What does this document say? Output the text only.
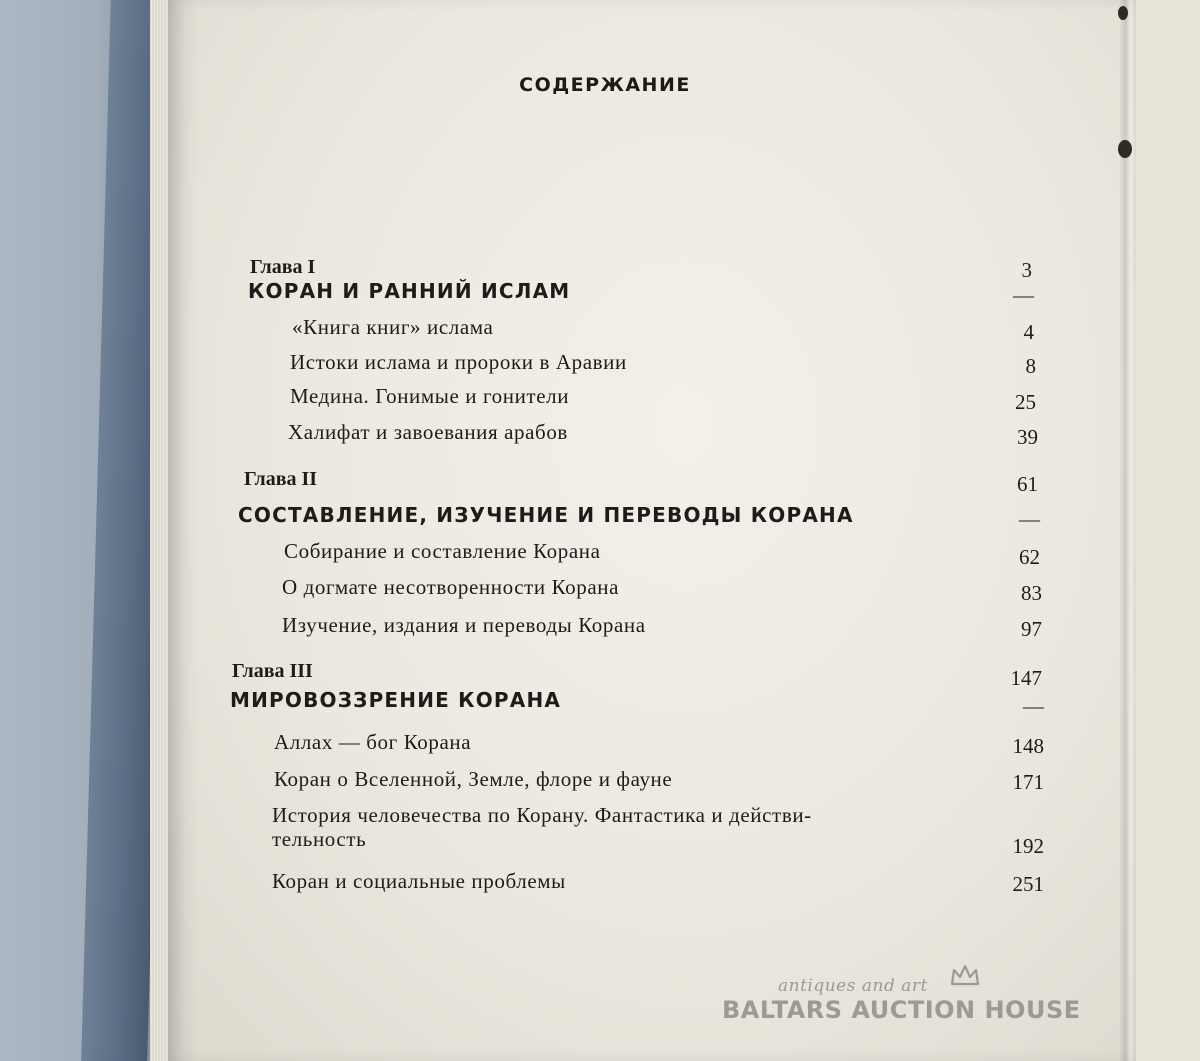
СОДЕРЖАНИЕ
Глава I	3
КОРАН И РАННИЙ ИСЛАМ	—
«Книга книг» ислама	4
Истоки ислама и пророки в Аравии	8
Медина. Гонимые и гонители	25
Халифат и завоевания арабов	39
Глава II	61
СОСТАВЛЕНИЕ, ИЗУЧЕНИЕ И ПЕРЕВОДЫ КОРАНА	—
Собирание и составление Корана	62
О догмате несотворенности Корана	83
Изучение, издания и переводы Корана	97
Глава III	147
МИРОВОЗЗРЕНИЕ КОРАНА	—
Аллах — бог Корана	148
Коран о Вселенной, Земле, флоре и фауне	171
История человечества по Корану. Фантастика и действи-
тельность	192
Коран и социальные проблемы	251
antiques and art
BALTARS AUCTION HOUSE
